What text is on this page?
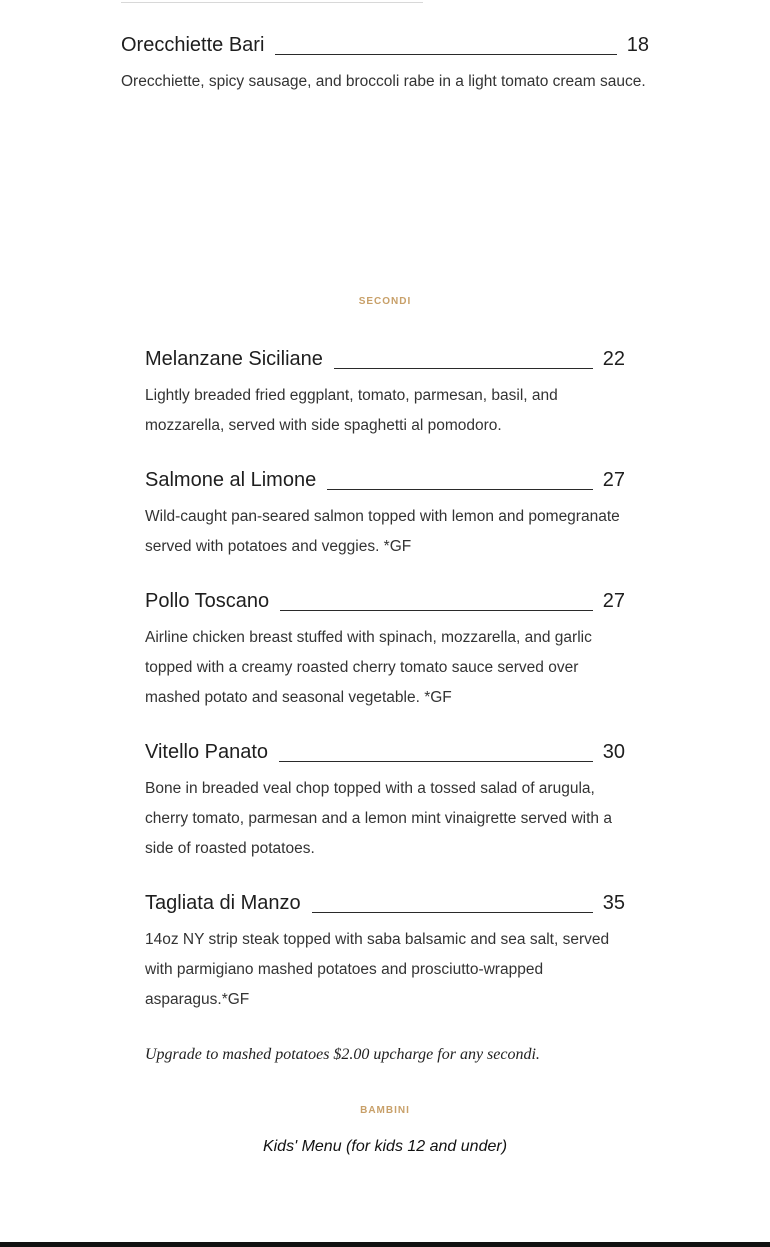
Orecchiette Bari	18
Orecchiette, spicy sausage, and broccoli rabe in a light tomato cream sauce.
SECONDI
Melanzane Siciliane	22
Lightly breaded fried eggplant, tomato, parmesan, basil, and mozzarella, served with side spaghetti al pomodoro.
Salmone al Limone	27
Wild-caught pan-seared salmon topped with lemon and pomegranate served with potatoes and veggies. *GF
Pollo Toscano	27
Airline chicken breast stuffed with spinach, mozzarella, and garlic topped with a creamy roasted cherry tomato sauce served over mashed potato and seasonal vegetable. *GF
Vitello Panato	30
Bone in breaded veal chop topped with a tossed salad of arugula, cherry tomato, parmesan and a lemon mint vinaigrette served with a side of roasted potatoes.
Tagliata di Manzo	35
14oz NY strip steak topped with saba balsamic and sea salt, served with parmigiano mashed potatoes and prosciutto-wrapped asparagus.*GF
Upgrade to mashed potatoes $2.00 upcharge for any secondi.
BAMBINI
Kids' Menu (for kids 12 and under)
